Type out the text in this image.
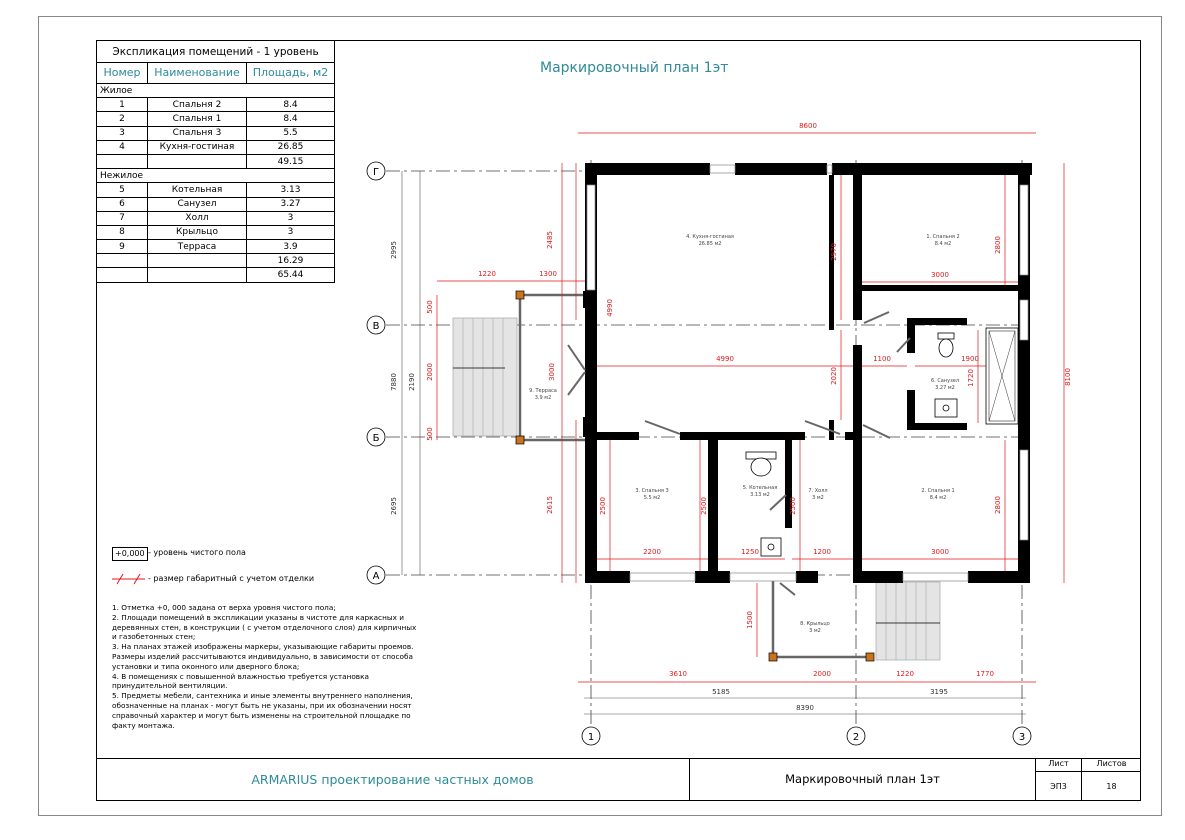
Экспликация помещений - 1 уровень		
Номер	Наименование	Площадь, м2
Жилое		
1	Спальня 2	8.4
2	Спальня 1	8.4
3	Спальня 3	5.5
4	Кухня-гостиная	26.85
		49.15
Нежилое		
5	Котельная	3.13
6	Санузел	3.27
7	Холл	3
8	Крыльцо	3
9	Терраса	3.9
		16.29
		65.44
Маркировочный план 1эт
Г
В
Б
А
1	2	3
8600
8100
2485
4990
2615
1220	1300
500
2000
500
3000
4990
2970
2020
3000
2800
1100	1900
1720
2200
2500
1250
2500
1200
2500
3000
2800
1500
3610	2000	1220	1770
2995
7880 2190
2695
5185	3195
8390
4. Кухня-гостиная
26.85 м2
1. Спальня 2
8.4 м2
9. Терраса
3.9 м2
6. Санузел
3.27 м2
3. Спальня 3
5.5 м2
5. Котельная
3.13 м2
7. Холл
3 м2
2. Спальня 1
8.4 м2
8. Крыльцо
3 м2
+0,000 - уровень чистого пола
- размер габаритный с учетом отделки
1. Отметка +0, 000 задана от верха уровня чистого пола;
2. Площади помещений в экспликации указаны в чистоте для каркасных и
деревянных стен, в конструкции ( с учетом отделочного слоя) для кирпичных
и газобетонных стен;
3. На планах этажей изображены маркеры, указывающие габариты проемов.
Размеры изделий рассчитываются индивидуально, в зависимости от способа
установки и типа оконного или дверного блока;
4. В помещениях с повышенной влажностью требуется установка
принудительной вентиляции.
5. Предметы мебели, сантехника и иные элементы внутреннего наполнения,
обозначенные на планах - могут быть не указаны, при их обозначении носят
справочный характер и могут быть изменены на строительной площадке по
факту монтажа.
ARMARIUS проектирование частных домов	Маркировочный план 1эт
Лист	Листов
ЭП3	18
